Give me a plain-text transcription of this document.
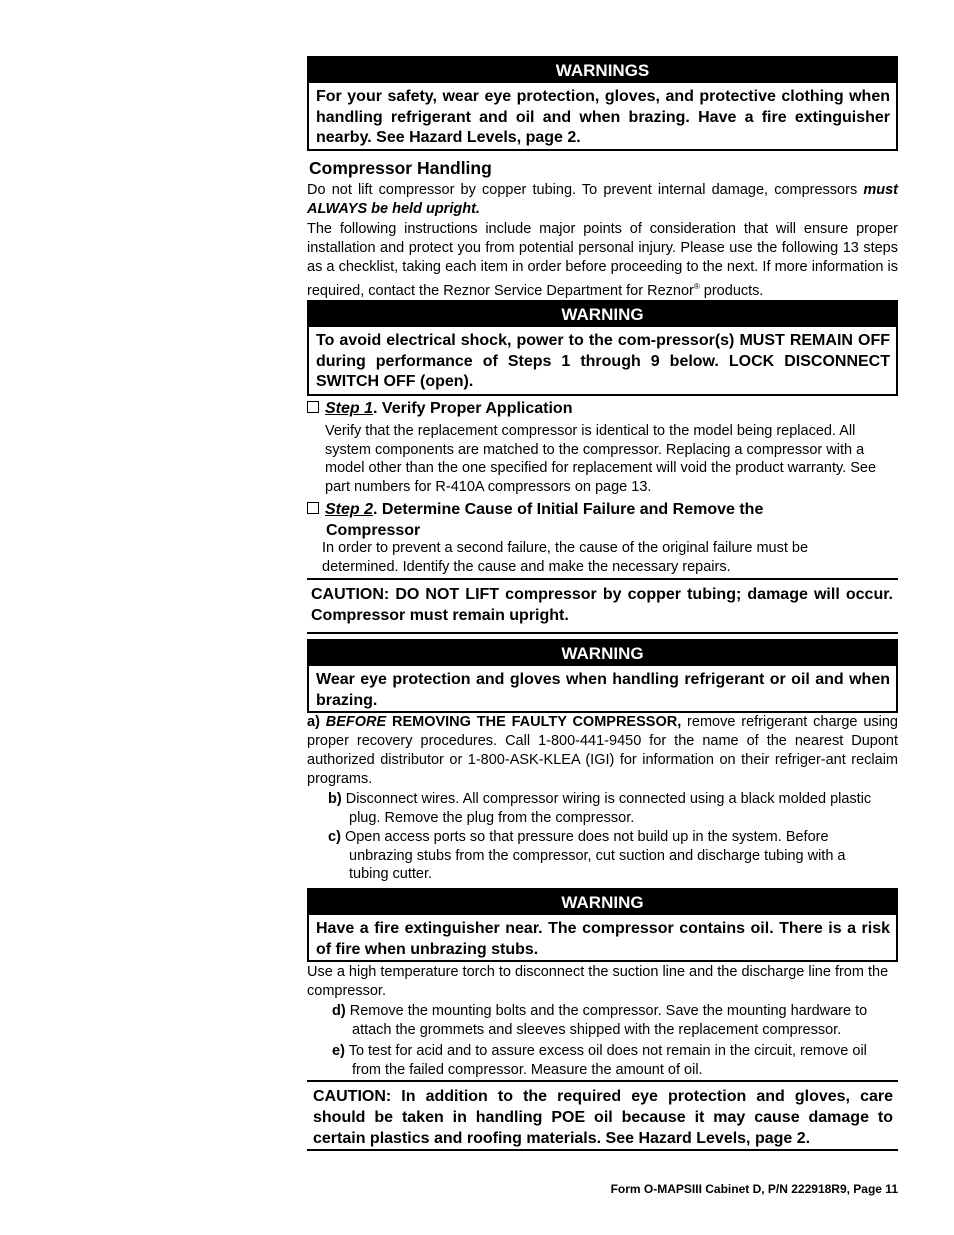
WARNINGS
For your safety, wear eye protection, gloves, and protective clothing when handling refrigerant and oil and when brazing. Have a fire extinguisher nearby. See Hazard Levels, page 2.
Compressor Handling
Do not lift compressor by copper tubing. To prevent internal damage, compressors must ALWAYS be held upright.
The following instructions include major points of consideration that will ensure proper installation and protect you from potential personal injury. Please use the following 13 steps as a checklist, taking each item in order before proceeding to the next. If more information is required, contact the Reznor Service Department for Reznor® products.
WARNING
To avoid electrical shock, power to the com-pressor(s) MUST REMAIN OFF during performance of Steps 1 through 9 below. LOCK DISCONNECT SWITCH OFF (open).
Step 1. Verify Proper Application
Verify that the replacement compressor is identical to the model being replaced. All system components are matched to the compressor. Replacing a compressor with a model other than the one specified for replacement will void the product warranty. See part numbers for R-410A compressors on page 13.
Step 2. Determine Cause of Initial Failure and Remove the
Compressor
In order to prevent a second failure, the cause of the original failure must be determined. Identify the cause and make the necessary repairs.
CAUTION: DO NOT LIFT compressor by copper tubing; damage will occur. Compressor must remain upright.
WARNING
Wear eye protection and gloves when handling refrigerant or oil and when brazing.
a) BEFORE REMOVING THE FAULTY COMPRESSOR, remove refrigerant charge using proper recovery procedures. Call 1-800-441-9450 for the name of the nearest Dupont authorized distributor or 1-800-ASK-KLEA (IGI) for information on their refriger-ant reclaim programs.
b) Disconnect wires. All compressor wiring is connected using a black molded plastic plug. Remove the plug from the compressor.
c) Open access ports so that pressure does not build up in the system. Before unbrazing stubs from the compressor, cut suction and discharge tubing with a tubing cutter.
WARNING
Have a fire extinguisher near. The compressor contains oil. There is a risk of fire when unbrazing stubs.
Use a high temperature torch to disconnect the suction line and the discharge line from the compressor.
d) Remove the mounting bolts and the compressor. Save the mounting hardware to attach the grommets and sleeves shipped with the replacement compressor.
e) To test for acid and to assure excess oil does not remain in the circuit, remove oil from the failed compressor. Measure the amount of oil.
CAUTION: In addition to the required eye protection and gloves, care should be taken in handling POE oil because it may cause damage to certain plastics and roofing materials. See Hazard Levels, page 2.
Form O-MAPSIII Cabinet D, P/N 222918R9, Page 11
